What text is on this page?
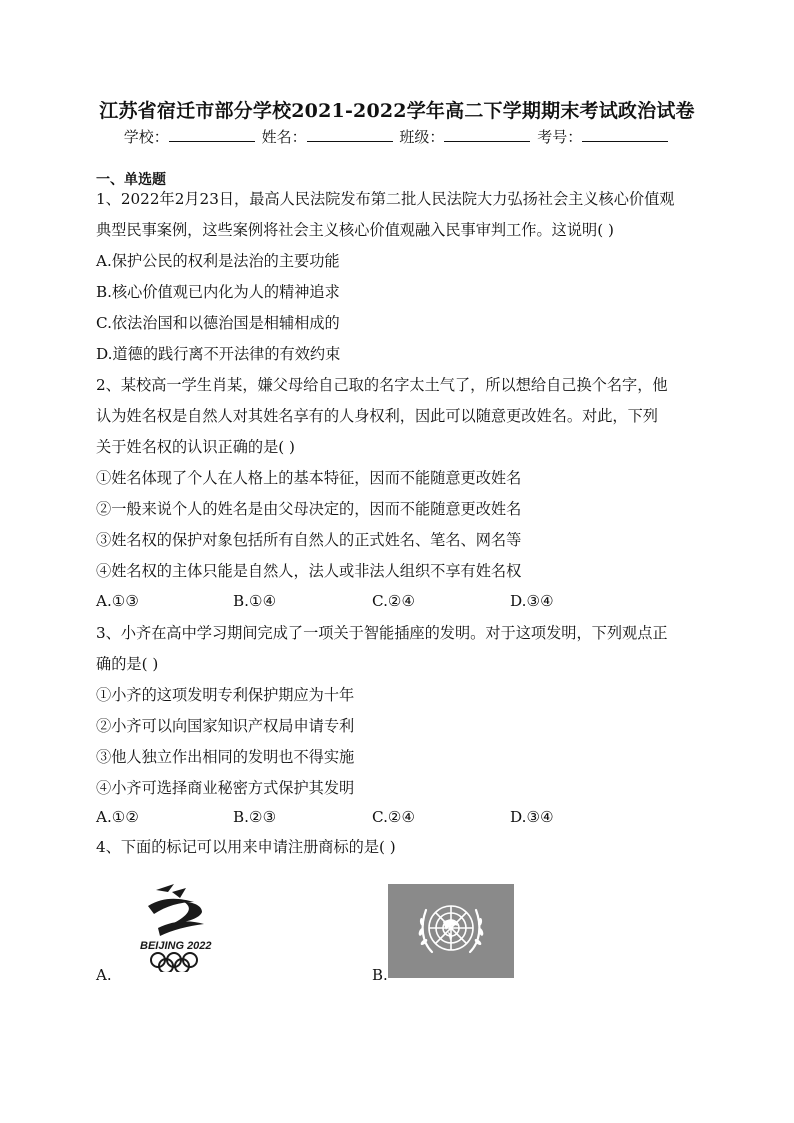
江苏省宿迁市部分学校2021-2022学年高二下学期期末考试政治试卷
学校：	姓名：	班级：	考号：
一、单选题
1、2022年2月23日，最高人民法院发布第二批人民法院大力弘扬社会主义核心价值观
典型民事案例，这些案例将社会主义核心价值观融入民事审判工作。这说明( )
A.保护公民的权利是法治的主要功能
B.核心价值观已内化为人的精神追求
C.依法治国和以德治国是相辅相成的
D.道德的践行离不开法律的有效约束
2、某校高一学生肖某，嫌父母给自己取的名字太土气了，所以想给自己换个名字，他
认为姓名权是自然人对其姓名享有的人身权利，因此可以随意更改姓名。对此，下列
关于姓名权的认识正确的是( )
①姓名体现了个人在人格上的基本特征，因而不能随意更改姓名
②一般来说个人的姓名是由父母决定的，因而不能随意更改姓名
③姓名权的保护对象包括所有自然人的正式姓名、笔名、网名等
④姓名权的主体只能是自然人，法人或非法人组织不享有姓名权
A.①③	B.①④	C.②④	D.③④
3、小齐在高中学习期间完成了一项关于智能插座的发明。对于这项发明，下列观点正
确的是( )
①小齐的这项发明专利保护期应为十年
②小齐可以向国家知识产权局申请专利
③他人独立作出相同的发明也不得实施
④小齐可选择商业秘密方式保护其发明
A.①②	B.②③	C.②④	D.③④
4、下面的标记可以用来申请注册商标的是( )
BEIJING 2022
A.	B.
